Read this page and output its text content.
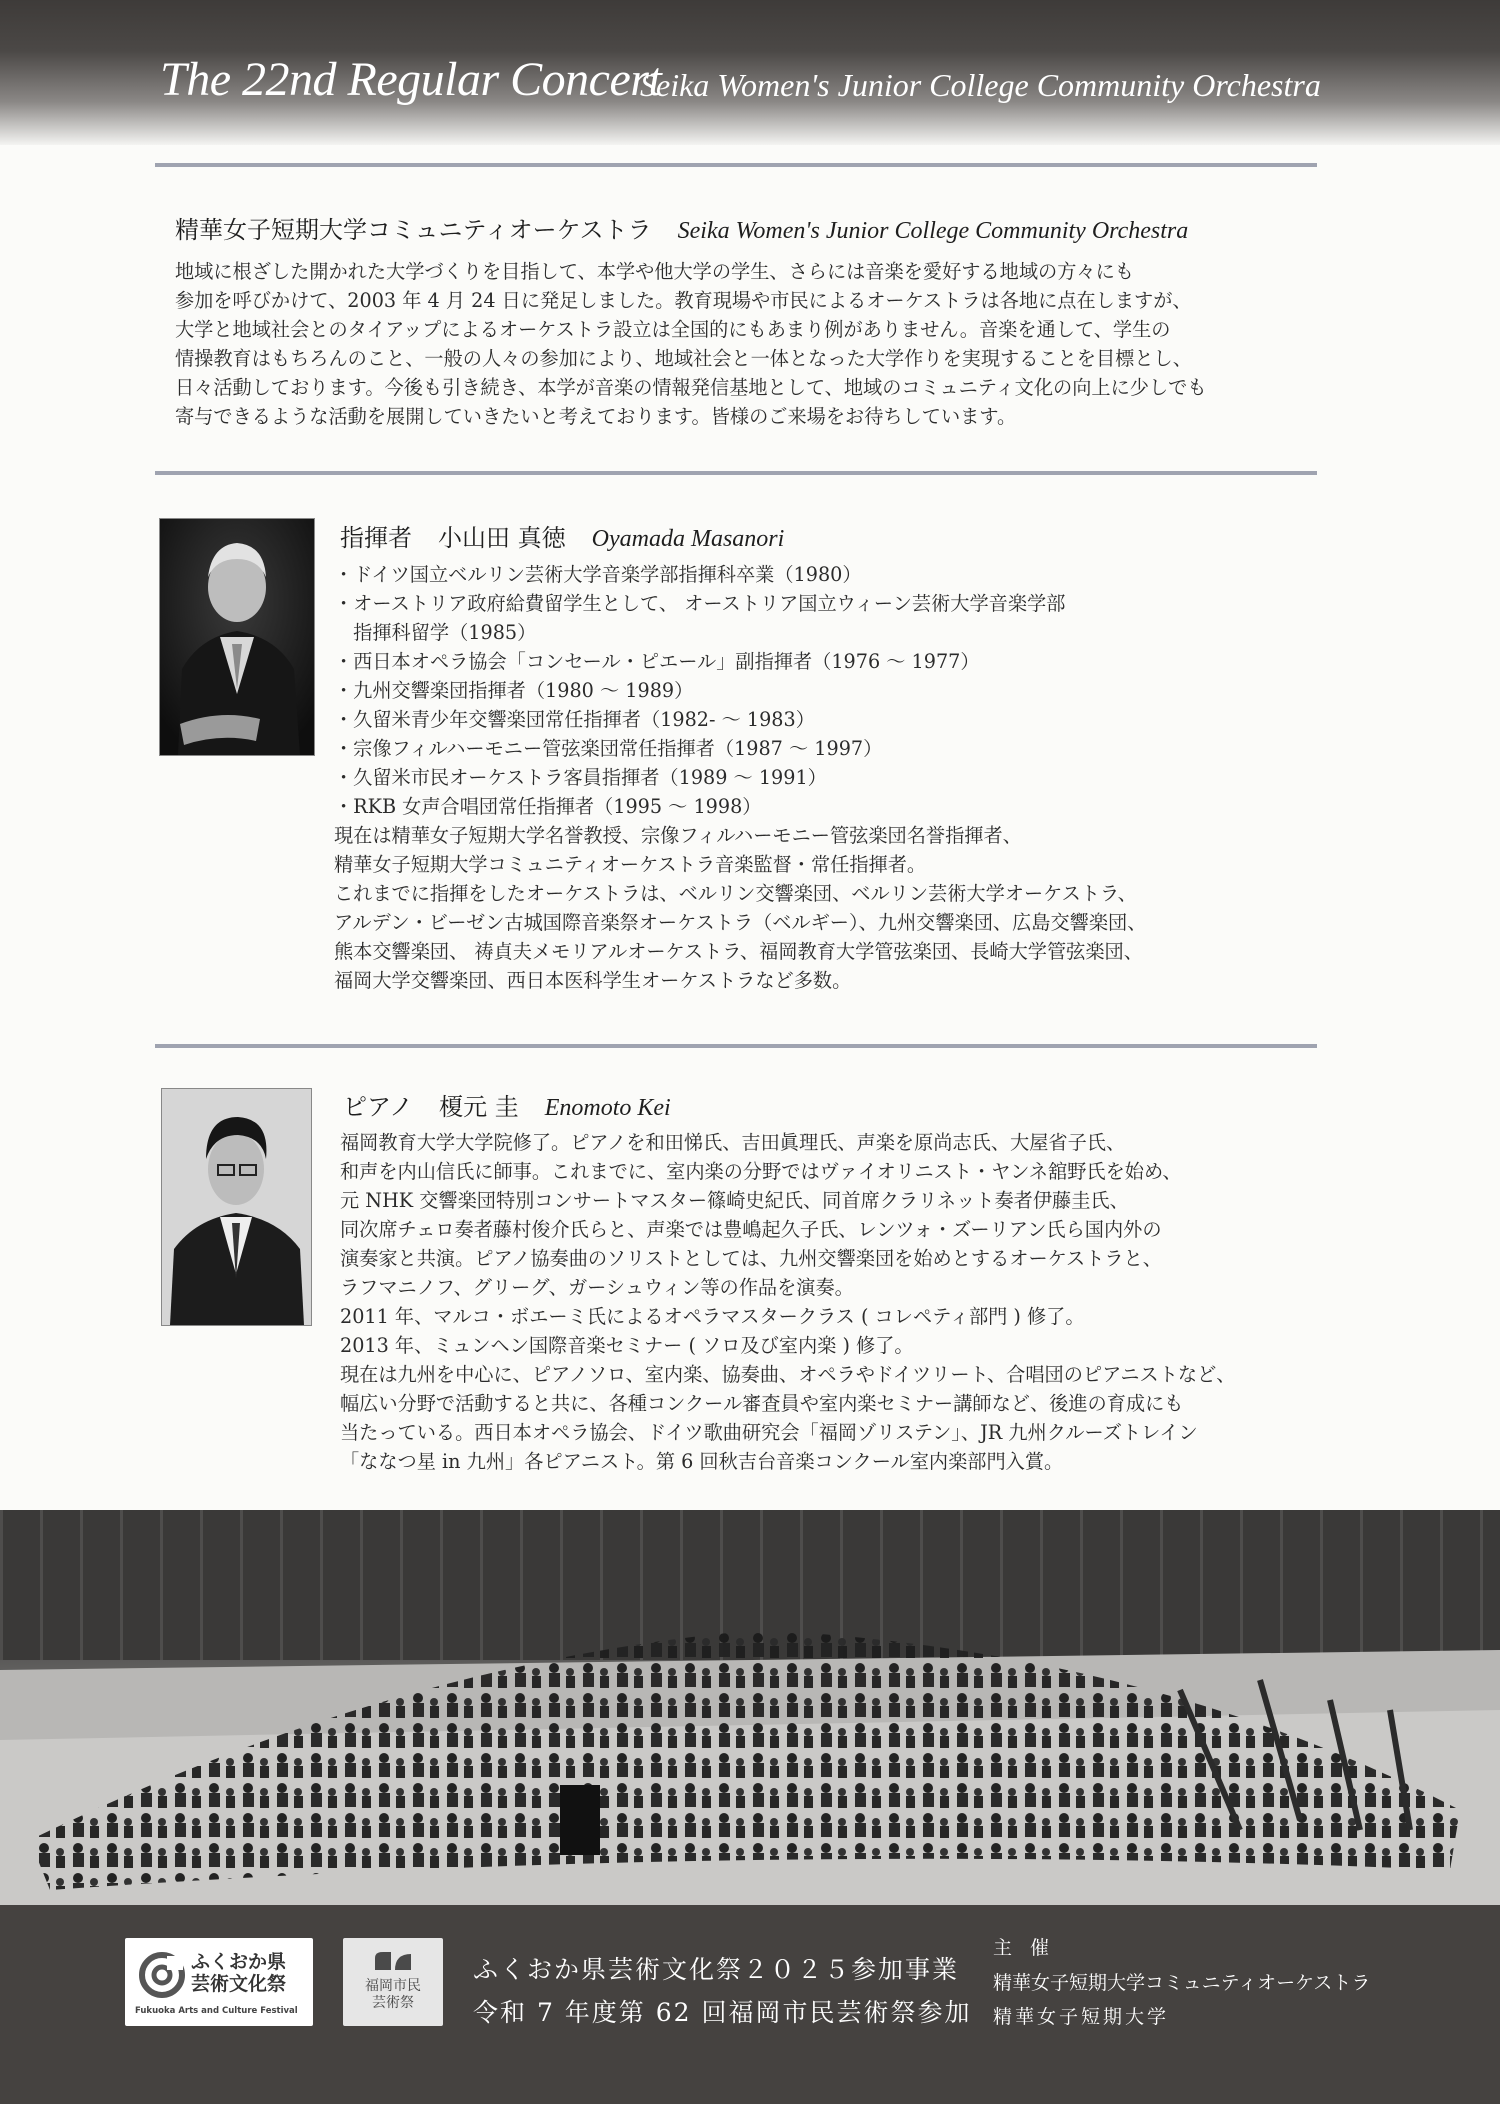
The 22nd Regular Concert
Seika Women's Junior College Community Orchestra
精華女子短期大学コミュニティオーケストラ Seika Women's Junior College Community Orchestra

地域に根ざした開かれた大学づくりを目指して、本学や他大学の学生、さらには音楽を愛好する地域の方々にも

参加を呼びかけて、2003 年 4 月 24 日に発足しました。教育現場や市民によるオーケストラは各地に点在しますが、

大学と地域社会とのタイアップによるオーケストラ設立は全国的にもあまり例がありません。音楽を通して、学生の

情操教育はもちろんのこと、一般の人々の参加により、地域社会と一体となった大学作りを実現することを目標とし、

日々活動しております。今後も引き続き、本学が音楽の情報発信基地として、地域のコミュニティ文化の向上に少しでも

寄与できるような活動を展開していきたいと考えております。皆様のご来場をお待ちしています。

指揮者 小山田 真徳 Oyamada Masanori
・ドイツ国立ベルリン芸術大学音楽学部指揮科卒業（1980）
・オーストリア政府給費留学生として、 オーストリア国立ウィーン芸術大学音楽学部
　指揮科留学（1985）
・西日本オペラ協会「コンセール・ピエール」副指揮者（1976 ～ 1977）
・九州交響楽団指揮者（1980 ～ 1989）
・久留米青少年交響楽団常任指揮者（1982- ～ 1983）
・宗像フィルハーモニー管弦楽団常任指揮者（1987 ～ 1997）
・久留米市民オーケストラ客員指揮者（1989 ～ 1991）
・RKB 女声合唱団常任指揮者（1995 ～ 1998）

現在は精華女子短期大学名誉教授、宗像フィルハーモニー管弦楽団名誉指揮者、

精華女子短期大学コミュニティオーケストラ音楽監督・常任指揮者。

これまでに指揮をしたオーケストラは、ベルリン交響楽団、ベルリン芸術大学オーケストラ、

アルデン・ビーゼン古城国際音楽祭オーケストラ（ベルギー）、九州交響楽団、広島交響楽団、

熊本交響楽団、 祷貞夫メモリアルオーケストラ、福岡教育大学管弦楽団、長崎大学管弦楽団、

福岡大学交響楽団、西日本医科学生オーケストラなど多数。

ピアノ 榎元 圭 Enomoto Kei

福岡教育大学大学院修了。ピアノを和田悌氏、吉田眞理氏、声楽を原尚志氏、大屋省子氏、

和声を内山信氏に師事。これまでに、室内楽の分野ではヴァイオリニスト・ヤンネ舘野氏を始め、

元 NHK 交響楽団特別コンサートマスター篠崎史紀氏、同首席クラリネット奏者伊藤圭氏、

同次席チェロ奏者藤村俊介氏らと、声楽では豊嶋起久子氏、レンツォ・ズーリアン氏ら国内外の

演奏家と共演。ピアノ協奏曲のソリストとしては、九州交響楽団を始めとするオーケストラと、

ラフマニノフ、グリーグ、ガーシュウィン等の作品を演奏。

2011 年、マルコ・ボエーミ氏によるオペラマスタークラス ( コレペティ部門 ) 修了。

2013 年、ミュンヘン国際音楽セミナー ( ソロ及び室内楽 ) 修了。

現在は九州を中心に、ピアノソロ、室内楽、協奏曲、オペラやドイツリート、合唱団のピアニストなど、

幅広い分野で活動すると共に、各種コンクール審査員や室内楽セミナー講師など、後進の育成にも

当たっている。西日本オペラ協会、ドイツ歌曲研究会「福岡ゾリステン」、JR 九州クルーズトレイン

「ななつ星 in 九州」各ピアニスト。第 6 回秋吉台音楽コンクール室内楽部門入賞。

ふくおか県
芸術文化祭
Fukuoka Arts and Culture Festival
福岡市民
芸術祭
ふくおか県芸術文化祭２０２５参加事業
令和 7 年度第 62 回福岡市民芸術祭参加
主催
精華女子短期大学コミュニティオーケストラ
精華女子短期大学
